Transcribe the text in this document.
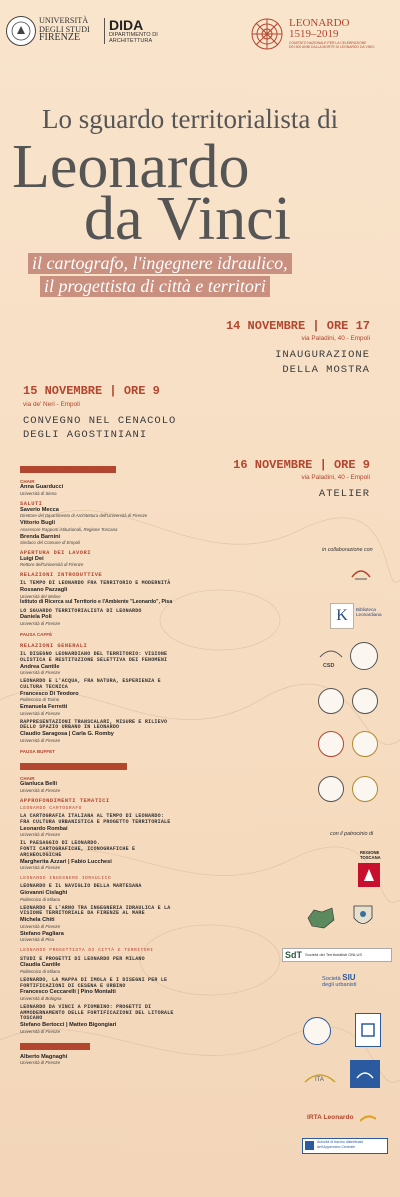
UNIVERSITÀ
DEGLI STUDI
FIRENZE
DIDA
DIPARTIMENTO DI
ARCHITETTURA
LEONARDO
1519–2019
COMITATO NAZIONALE PER LA CELEBRAZIONE
DEI 500 ANNI DALLA MORTE DI LEONARDO DA VINCI
Lo sguardo territorialista di
Leonardo
da Vinci
il cartografo, l'ingegnere idraulico,
il progettista di città e territori
14 NOVEMBRE | ORE 17
via Paladini, 40 - Empoli
INAUGURAZIONE
DELLA MOSTRA
15 NOVEMBRE | ORE 9
via de' Neri - Empoli
CONVEGNO NEL CENACOLO
DEGLI AGOSTINIANI
16 NOVEMBRE | ORE 9
via Paladini, 40 - Empoli
ATELIER
ORE 9 SESSIONE MATTUTINA
CHAIR
Anna Guarducci
Università di Siena
SALUTI
Saverio Mecca
Direttore del Dipartimento di Architettura dell'Università di Firenze
Vittorio Bugli
Assessore Rapporti istituzionali, Regione Toscana
Brenda Barnini
Sindaco del Comune di Empoli
APERTURA DEI LAVORI
Luigi Dei
Rettore dell'Università di Firenze
RELAZIONI INTRODUTTIVE
IL TEMPO DI LEONARDO FRA TERRITORIO E MODERNITÀ
Rossano Pazzagli
Università del Molise
Istituto di Ricerca sul Territorio e l'Ambiente "Leonardo", Pisa
LO SGUARDO TERRITORIALISTA DI LEONARDO
Daniela Poli
Università di Firenze
PAUSA CAFFÈ
RELAZIONI GENERALI
IL DISEGNO LEONARDIANO DEL TERRITORIO: VISIONE
OLISTICA E RESTITUZIONE SELETTIVA DEI FENOMENI
Andrea Cantile
Università di Firenze
LEONARDO E L'ACQUA, FRA NATURA, ESPERIENZA E
CULTURA TECNICA
Francesco Di Teodoro
Politecnico di Torino
Emanuela Ferretti
Università di Firenze
RAPPRESENTAZIONI TRANSCALARI, MISURE E RILIEVO
DELLO SPAZIO URBANO IN LEONARDO
Claudio Saragosa | Carla G. Romby
Università di Firenze
PAUSA BUFFET
ORE 15 SESSIONE POMERIDIANA
CHAIR
Gianluca Belli
Università di Firenze
APPROFONDIMENTI TEMATICI
LEONARDO CARTOGRAFO
LA CARTOGRAFIA ITALIANA AL TEMPO DI LEONARDO:
FRA CULTURA URBANISTICA E PROGETTO TERRITORIALE
Leonardo Rombai
Università di Firenze
IL PAESAGGIO DI LEONARDO.
FONTI CARTOGRAFICHE, ICONOGRAFICHE E
ARCHEOLOGICHE
Margherita Azzari | Fabio Lucchesi
Università di Firenze
LEONARDO INGEGNERE IDRAULICO
LEONARDO E IL NAVIGLIO DELLA MARTESANA
Giovanni Cislaghi
Politecnico di Milano
LEONARDO E L'ARNO TRA INGEGNERIA IDRAULICA E LA
VISIONE TERRITORIALE DA FIRENZE AL MARE
Michela Chiti
Università di Firenze
Stefano Pagliara
Università di Pisa
LEONARDO PROGETTISTA DI CITTÀ E TERRITORI
STUDI E PROGETTI DI LEONARDO PER MILANO
Claudia Cantile
Politecnico di Milano
LEONARDO, LA MAPPA DI IMOLA E I DISEGNI PER LE
FORTIFICAZIONI DI CESENA E URBINO
Francesco Ceccarelli | Pino Montalti
Università di Bologna
LEONARDO DA VINCI A PIOMBINO: PROGETTI DI
AMMODERNAMENTO DELLE FORTIFICAZIONI DEL LITORALE
TOSCANO
Stefano Bertocci | Matteo Bigongiari
Università di Firenze
17.30 CONCLUSIONI
Alberto Magnaghi
Università di Firenze
in collaborazione con
K Biblioteca
Leonardiana
CSD
con il patrocinio di
REGIONE
TOSCANA
SdT Società dei Territorialisti ONLUS
Società SIU
degli urbanisti
ITA
IRTA Leonardo
Autorità di bacino distrettuale
dell'Appennino Centrale
